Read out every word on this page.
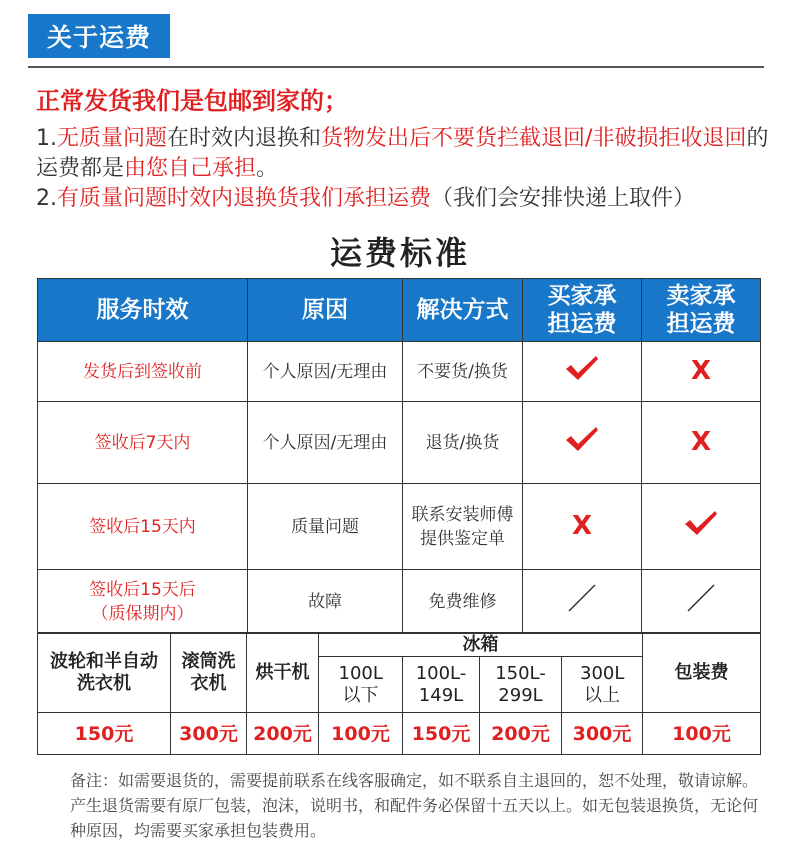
关于运费
正常发货我们是包邮到家的；
1.无质量问题在时效内退换和货物发出后不要货拦截退回/非破损拒收退回的运费都是由您自己承担。
2.有质量问题时效内退换货我们承担运费（我们会安排快递上取件）
运费标准
服务时效	原因	解决方式	买家承担运费	卖家承担运费

发货后到签收前	个人原因/无理由	不要货/换货		X
签收后7天内	个人原因/无理由	退货/换货		X
签收后15天内	质量问题	联系安装师傅提供鉴定单	X	

签收后15天后（质保期内）	故障	免费维修		
波轮和半自动洗衣机	滚筒洗衣机	烘干机	冰箱				包装费

			100L以下	100L-149L	150L-299L	300L以上	

150元	300元	200元	100元	150元	200元	300元	100元
备注：如需要退货的，需要提前联系在线客服确定，如不联系自主退回的，恕不处理，敬请谅解。产生退货需要有原厂包装，泡沫，说明书，和配件务必保留十五天以上。如无包装退换货，无论何种原因，均需要买家承担包装费用。
